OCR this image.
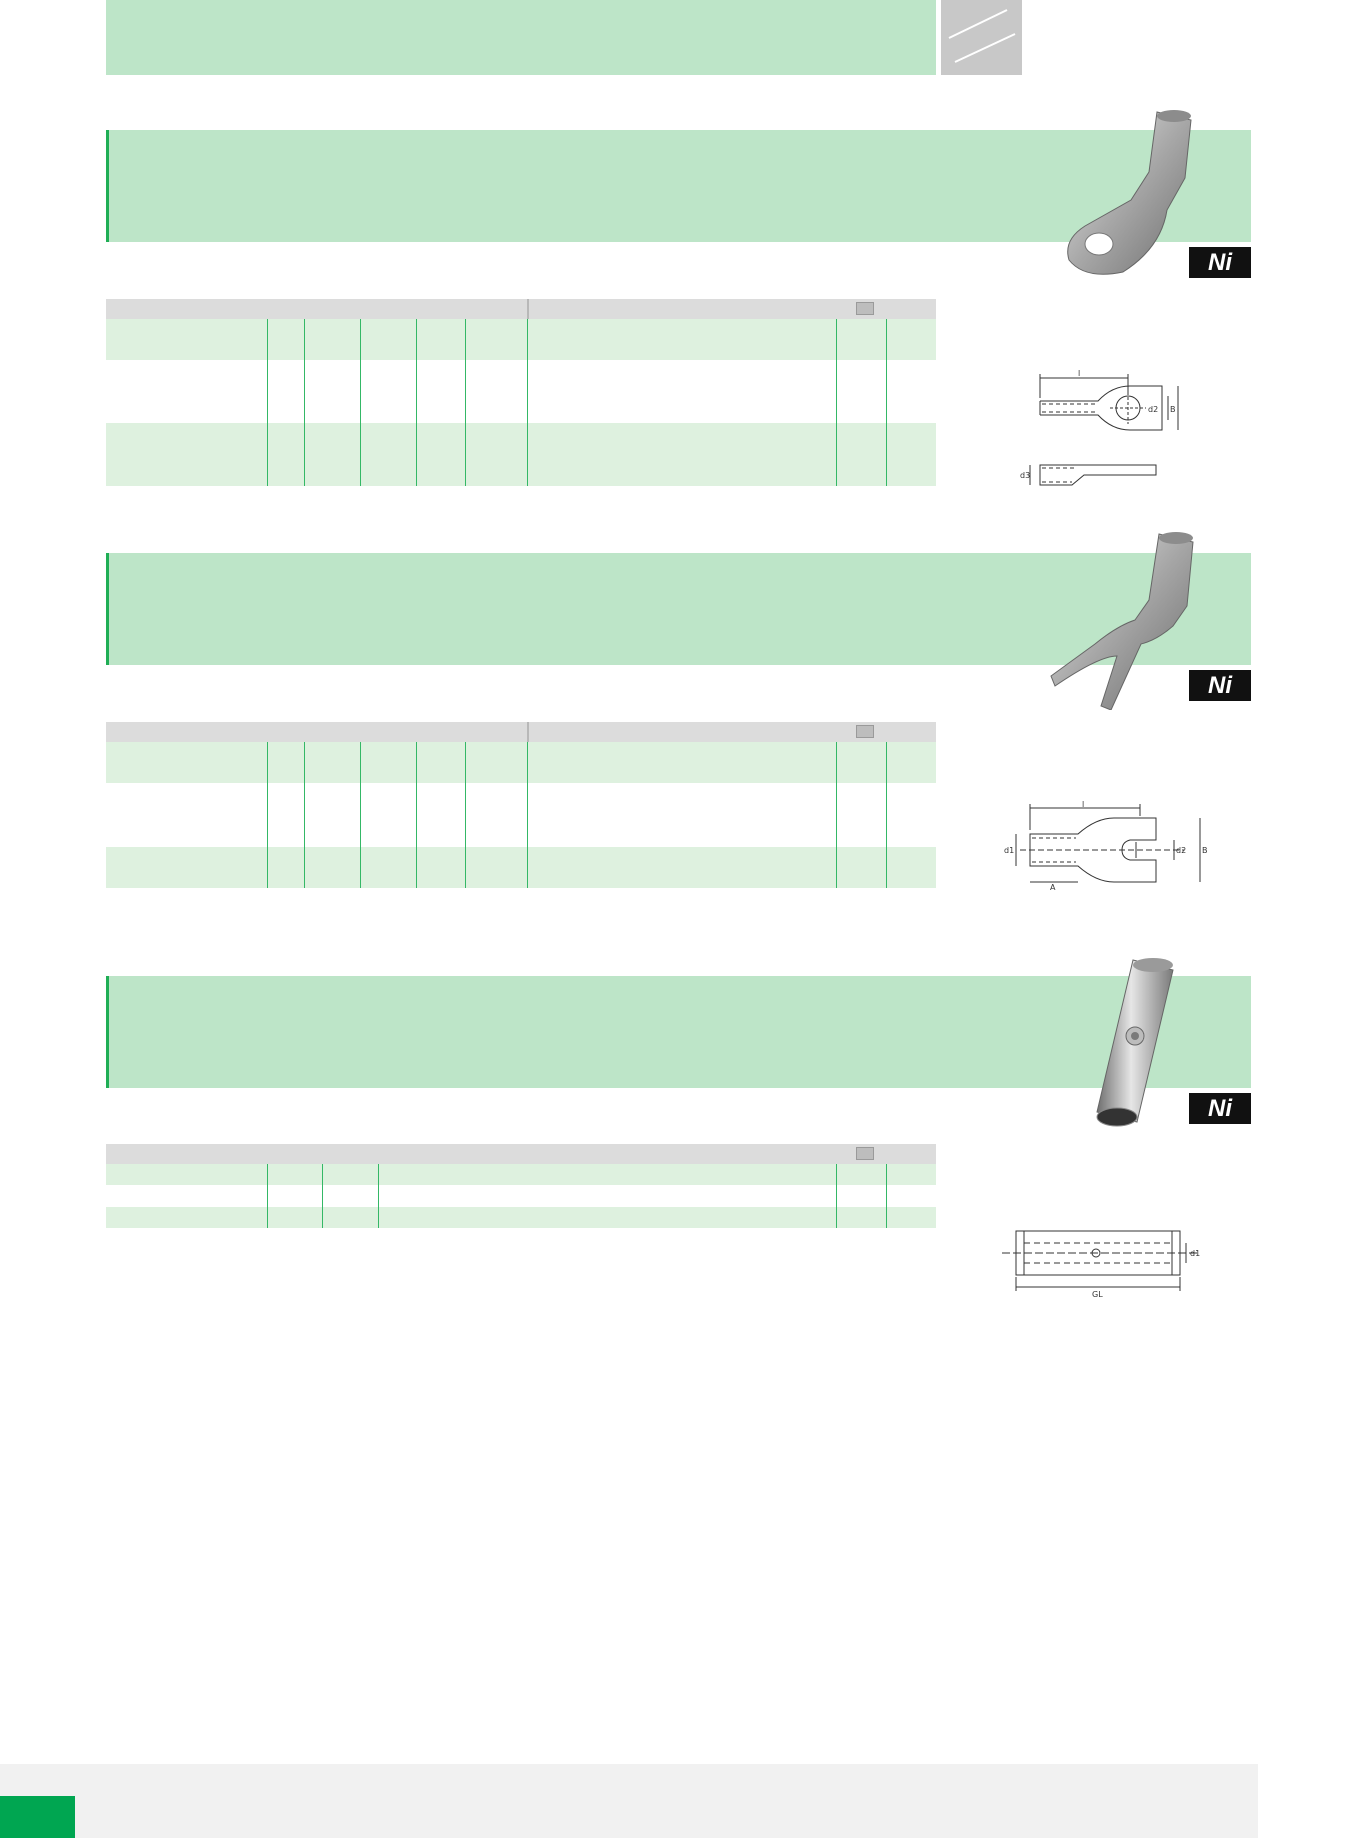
Ni
l
d2 B
d3
Ni
l
d2 B
d1
A
Ni
d1
GL
